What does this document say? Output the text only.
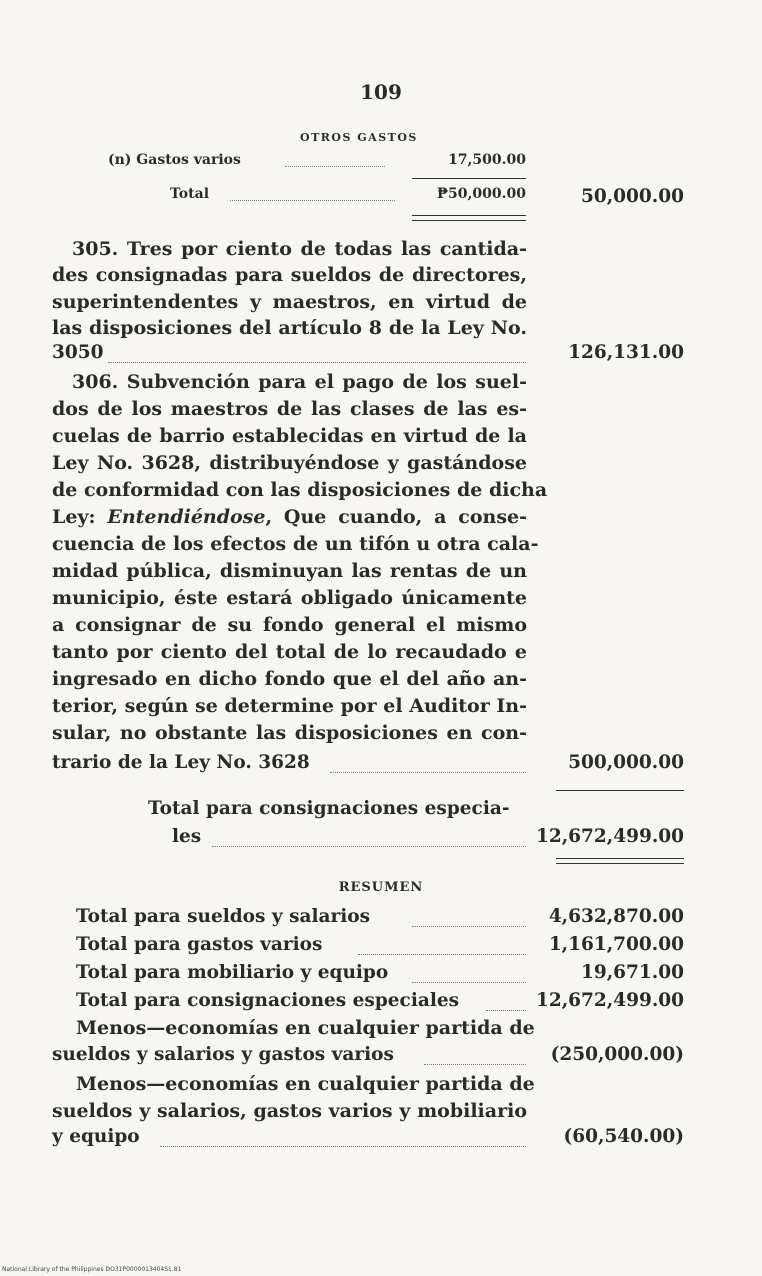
109
OTROS GASTOS
(n) Gastos varios	17,500.00
Total	₱50,000.00	50,000.00
305. Tres por ciento de todas las cantida-
des consignadas para sueldos de directores,
superintendentes y maestros, en virtud de
las disposiciones del artículo 8 de la Ley No.
3050	126,131.00
306. Subvención para el pago de los suel-
dos de los maestros de las clases de las es-
cuelas de barrio establecidas en virtud de la
Ley No. 3628, distribuyéndose y gastándose
de conformidad con las disposiciones de dicha
Ley: Entendiéndose, Que cuando, a conse-
cuencia de los efectos de un tifón u otra cala-
midad pública, disminuyan las rentas de un
municipio, éste estará obligado únicamente
a consignar de su fondo general el mismo
tanto por ciento del total de lo recaudado e
ingresado en dicho fondo que el del año an-
terior, según se determine por el Auditor In-
sular, no obstante las disposiciones en con-
trario de la Ley No. 3628	500,000.00
Total para consignaciones especia-
les	12,672,499.00
RESUMEN
Total para sueldos y salarios	4,632,870.00
Total para gastos varios	1,161,700.00
Total para mobiliario y equipo	19,671.00
Total para consignaciones especiales	12,672,499.00
Menos—economías en cualquier partida de
sueldos y salarios y gastos varios	(250,000.00)
Menos—economías en cualquier partida de
sueldos y salarios, gastos varios y mobiliario
y equipo	(60,540.00)
National Library of the Philippines DO31P0000013404S1.81
